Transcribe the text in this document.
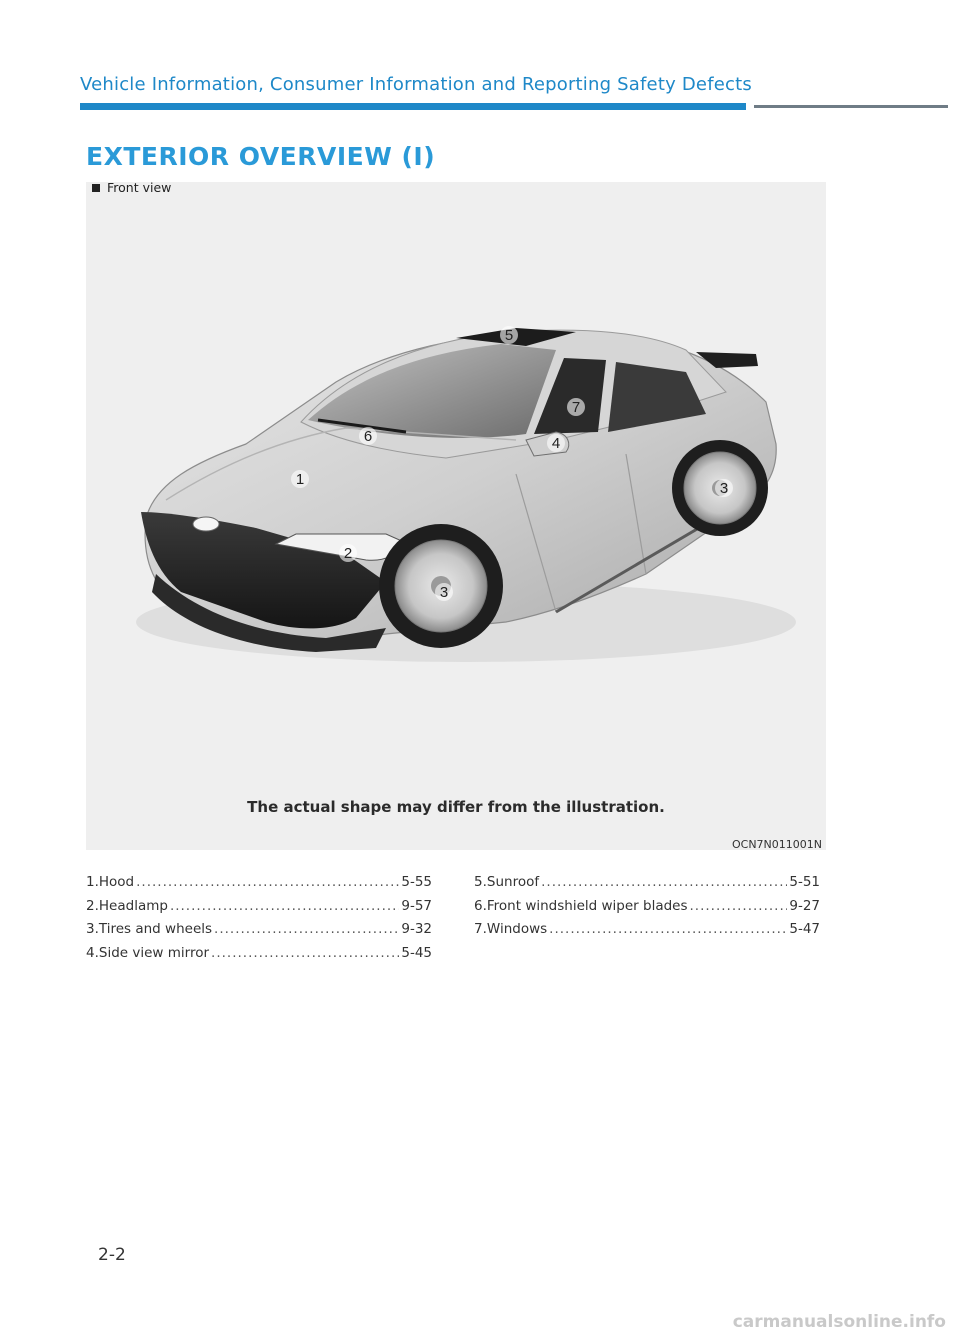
Vehicle Information, Consumer Information and Reporting Safety Defects
EXTERIOR OVERVIEW (I)
Front view
1
2
3
3
4
5
6
7
The actual shape may differ from the illustration.
OCN7N011001N
1. Hood .....	5-55
2. Headlamp .....	9-57
3. Tires and wheels .....	9-32
4. Side view mirror .....	5-45
5. Sunroof .....	5-51
6. Front windshield wiper blades .....	9-27
7. Windows .....	5-47
2-2
carmanualsonline.info
